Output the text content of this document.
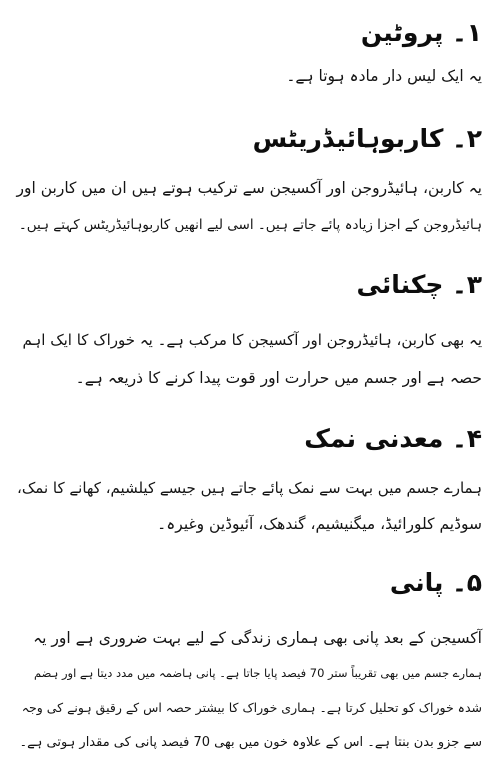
۱۔ پروٹین
یہ ایک لیس دار مادہ ہوتا ہے۔
۲۔ کاربوہائیڈریٹس
یہ کاربن، ہائیڈروجن اور آکسیجن سے ترکیب ہوتے ہیں ان میں کاربن اور
ہائیڈروجن کے اجزا زیادہ پائے جاتے ہیں۔ اسی لیے انھیں کاربوہائیڈریٹس کہتے ہیں۔
۳۔ چکنائی
یہ بھی کاربن، ہائیڈروجن اور آکسیجن کا مرکب ہے۔ یہ خوراک کا ایک اہم
حصہ ہے اور جسم میں حرارت اور قوت پیدا کرنے کا ذریعہ ہے۔
۴۔ معدنی نمک
ہمارے جسم میں بہت سے نمک پائے جاتے ہیں جیسے کیلشیم، کھانے کا نمک،
سوڈیم کلورائیڈ، میگنیشیم، گندھک، آئیوڈین وغیرہ۔
۵۔ پانی
آکسیجن کے بعد پانی بھی ہماری زندگی کے لیے بہت ضروری ہے اور یہ
ہمارے جسم میں بھی تقریباً ستر 70 فیصد پایا جاتا ہے۔ پانی ہاضمہ میں مدد دیتا ہے اور ہضم
شدہ خوراک کو تحلیل کرتا ہے۔ ہماری خوراک کا بیشتر حصہ اس کے رقیق ہونے کی وجہ
سے جزو بدن بنتا ہے۔ اس کے علاوہ خون میں بھی 70 فیصد پانی کی مقدار ہوتی ہے۔
